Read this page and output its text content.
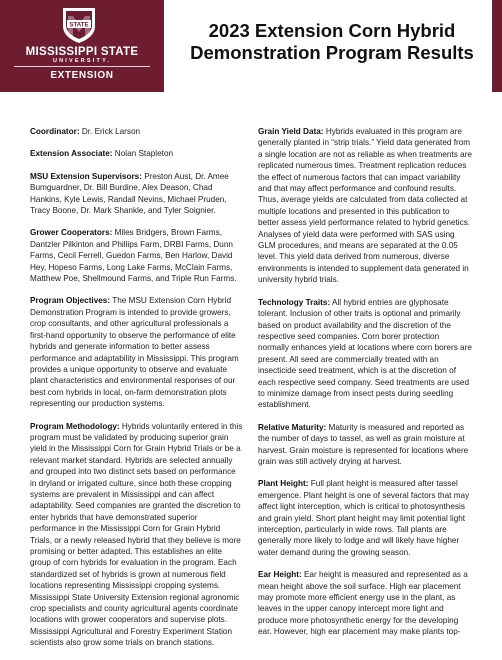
STATE
MISSISSIPPI STATE
UNIVERSITY.
EXTENSION
2023 Extension Corn Hybrid Demonstration Program Results

Coordinator: Dr. Erick Larson

Extension Associate: Nolan Stapleton

MSU Extension Supervisors: Preston Aust, Dr. Amee Bumguardner, Dr. Bill Burdine, Alex Deason, Chad Hankins, Kyle Lewis, Randall Nevins, Michael Pruden, Tracy Boone, Dr. Mark Shankle, and Tyler Soignier.

Grower Cooperators: Miles Bridgers, Brown Farms, Dantzler Pilkinton and Phillips Farm, DRBI Farms, Dunn Farms, Cecil Ferrell, Guedon Farms, Ben Harlow, David Hey, Hopeso Farms, Long Lake Farms, McClain Farms, Matthew Poe, Shellmound Farms, and Triple Run Farms.

Program Objectives: The MSU Extension Corn Hybrid Demonstration Program is intended to provide growers, crop consultants, and other agricultural professionals a first-hand opportunity to observe the performance of elite hybrids and generate information to better assess performance and adaptability in Mississippi. This program provides a unique opportunity to observe and evaluate plant characteristics and environmental responses of our best corn hybrids in local, on-farm demonstration plots representing our production systems.

Program Methodology: Hybrids voluntarily entered in this program must be validated by producing superior grain yield in the Mississippi Corn for Grain Hybrid Trials or be a relevant market standard. Hybrids are selected annually and grouped into two distinct sets based on performance in dryland or irrigated culture, since both these cropping systems are prevalent in Mississippi and can affect adaptability. Seed companies are granted the discretion to enter hybrids that have demonstrated superior performance in the Mississippi Corn for Grain Hybrid Trials, or a newly released hybrid that they believe is more promising or better adapted. This establishes an elite group of corn hybrids for evaluation in the program. Each standardized set of hybrids is grown at numerous field locations representing Mississippi cropping systems. Mississippi State University Extension regional agronomic crop specialists and county agricultural agents coordinate locations with grower cooperators and supervise plots. Mississippi Agricultural and Forestry Experiment Station scientists also grow some trials on branch stations.

Grain Yield Data: Hybrids evaluated in this program are generally planted in “strip trials.” Yield data generated from a single location are not as reliable as when treatments are replicated numerous times. Treatment replication reduces the effect of numerous factors that can impact variability and that may affect performance and confound results. Thus, average yields are calculated from data collected at multiple locations and presented in this publication to better assess yield performance related to hybrid genetics. Analyses of yield data were performed with SAS using GLM procedures, and means are separated at the 0.05 level. This yield data derived from numerous, diverse environments is intended to supplement data generated in university hybrid trials.

Technology Traits: All hybrid entries are glyphosate tolerant. Inclusion of other traits is optional and primarily based on product availability and the discretion of the respective seed companies. Corn borer protection normally enhances yield at locations where corn borers are present. All seed are commercially treated with an insecticide seed treatment, which is at the discretion of each respective seed company. Seed treatments are used to minimize damage from insect pests during seedling establishment.

Relative Maturity: Maturity is measured and reported as the number of days to tassel, as well as grain moisture at harvest. Grain moisture is represented for locations where grain was still actively drying at harvest.

Plant Height: Full plant height is measured after tassel emergence. Plant height is one of several factors that may affect light interception, which is critical to photosynthesis and grain yield. Short plant height may limit potential light interception, particularly in wide rows. Tall plants are generally more likely to lodge and will likely have higher water demand during the growing season.

Ear Height: Ear height is measured and represented as a mean height above the soil surface. High ear placement may promote more efficient energy use in the plant, as leaves in the upper canopy intercept more light and produce more photosynthetic energy for the developing ear. However, high ear placement may make plants top-
